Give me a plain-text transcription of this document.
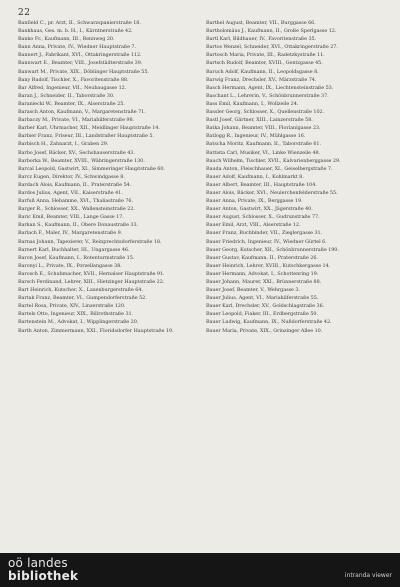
22
Banfield C., pr. Arzt, II., Schwarzspanierstraße 18.
Bankhaus, Ges. m. b. H., I., Kärntnerstraße 42.
Banko Fr., Kaufmann, III., Rennweg 20.
Bann Anna, Private, IV., Wiedner Hauptstraße 7.
Bannert J., Fabrikant, XVI., Ottakringerstraße 112.
Bannwart E., Beamter, VIII., Josefstädterstraße 39.
Banwart M., Private, XIX., Döblinger Hauptstraße 55.
Bany Rudolf, Tischler, X., Favoritenstraße 88.
Bar Alfred, Ingenieur, VII., Neubaugasse 12.
Baran J., Schneider, II., Taborstraße 30.
Baraniecki W., Beamter, IX., Alserstraße 25.
Barasch Anton, Kaufmann, V., Margaretenstraße 71.
Barbaczy M., Private, VI., Mariahilferstraße 98.
Barber Karl, Uhrmacher, XII., Meidlinger Hauptstraße 14.
Barbier Franz, Friseur, III., Landstraßer Hauptstraße 5.
Barbisch H., Zahnarzt, I., Graben 29.
Barbo Josef, Bäcker, XV., Sechshauserstraße 43.
Barborka W., Beamter, XVIII., Währingerstraße 130.
Barcal Leopold, Gastwirt, XI., Simmeringer Hauptstraße 60.
Barcz Eugen, Direktor, IV., Schwindgasse 8.
Bardach Alois, Kaufmann, II., Praterstraße 54.
Bardos Julius, Agent, VII., Kaiserstraße 41.
Barfuß Anna, Hebamme, XVI., Thaliastraße 76.
Barger R., Schlosser, XX., Wallensteinstraße 22.
Baric Emil, Beamter, VIII., Lange Gasse 17.
Barkan S., Kaufmann, II., Obere Donaustraße 33.
Barlach F., Maler, IV., Margaretenstraße 9.
Barnas Johann, Tapezierer, V., Reinprechtsdorferstraße 18.
Barnert Karl, Buchhalter, III., Ungargasse 46.
Baron Josef, Kaufmann, I., Rotenturmstraße 15.
Baronyi L., Private, IX., Porzellangasse 38.
Barosch E., Schuhmacher, XVII., Hernalser Hauptstraße 91.
Barsch Ferdinand, Lehrer, XIII., Hietzinger Hauptstraße 22.
Bart Heinrich, Kutscher, X., Laxenburgerstraße 64.
Bartak Franz, Beamter, VI., Gumpendorferstraße 52.
Bartel Rosa, Private, XIV., Linzerstraße 120.
Bartels Otto, Ingenieur, XIX., Billrothstraße 31.
Bartenstein M., Advokat, I., Wipplingerstraße 20.
Barth Anton, Zimmermann, XXI., Floridsdorfer Hauptstraße 19.
Barthel August, Beamter, VII., Burggasse 66.
Bartholomäus J., Kaufmann, II., Große Sperlgasse 12.
Bartl Karl, Bildhauer, IV., Favoritenstraße 35.
Bartos Wenzel, Schneider, XVI., Ottakringerstraße 27.
Bartosch Maria, Private, III., Radetzkystraße 11.
Bartsch Rudolf, Beamter, XVIII., Gentzgasse 45.
Baruch Adolf, Kaufmann, II., Leopoldsgasse 8.
Barwig Franz, Drechsler, XV., Märzstraße 74.
Basch Hermann, Agent, IX., Liechtensteinstraße 53.
Baschant L., Lehrerin, V., Schönbrunnerstraße 37.
Bass Emil, Kaufmann, I., Wollzeile 24.
Bassler Georg, Schlosser, X., Quellenstraße 102.
Bastl Josef, Gärtner, XIII., Lainzerstraße 58.
Batka Johann, Beamter, VIII., Florianigasse 23.
Batlogg R., Ingenieur, IV., Mühlgasse 16.
Batscha Moritz, Kaufmann, II., Taborstraße 61.
Battista Carl, Musiker, VI., Linke Wienzeile 48.
Bauch Wilhelm, Tischler, XVII., Kalvarienberggasse 29.
Bauda Anton, Fleischhauer, XI., Geiselbergstraße 7.
Bauer Adolf, Kaufmann, I., Kohlmarkt 8.
Bauer Albert, Beamter, III., Hauptstraße 104.
Bauer Alois, Bäcker, XVI., Neulerchenfelderstraße 55.
Bauer Anna, Private, IX., Berggasse 19.
Bauer Anton, Gastwirt, XX., Jägerstraße 40.
Bauer August, Schlosser, X., Gudrunstraße 77.
Bauer Emil, Arzt, VIII., Alserstraße 12.
Bauer Franz, Buchbinder, VII., Zieglergasse 31.
Bauer Friedrich, Ingenieur, IV., Wiedner Gürtel 6.
Bauer Georg, Kutscher, XII., Schönbrunnerstraße 190.
Bauer Gustav, Kaufmann, II., Praterstraße 26.
Bauer Heinrich, Lehrer, XVIII., Kutschkergasse 14.
Bauer Hermann, Advokat, I., Schottenring 19.
Bauer Johann, Maurer, XXI., Brünnerstraße 88.
Bauer Josef, Beamter, V., Wehrgasse 3.
Bauer Julius, Agent, VI., Mariahilferstraße 55.
Bauer Karl, Drechsler, XV., Goldschlagstraße 36.
Bauer Leopold, Fiaker, III., Erdbergstraße 50.
Bauer Ludwig, Kaufmann, IX., Nußdorferstraße 42.
Bauer Maria, Private, XIX., Grinzinger Allee 10.
oö landes
bibliothek	intranda viewer
